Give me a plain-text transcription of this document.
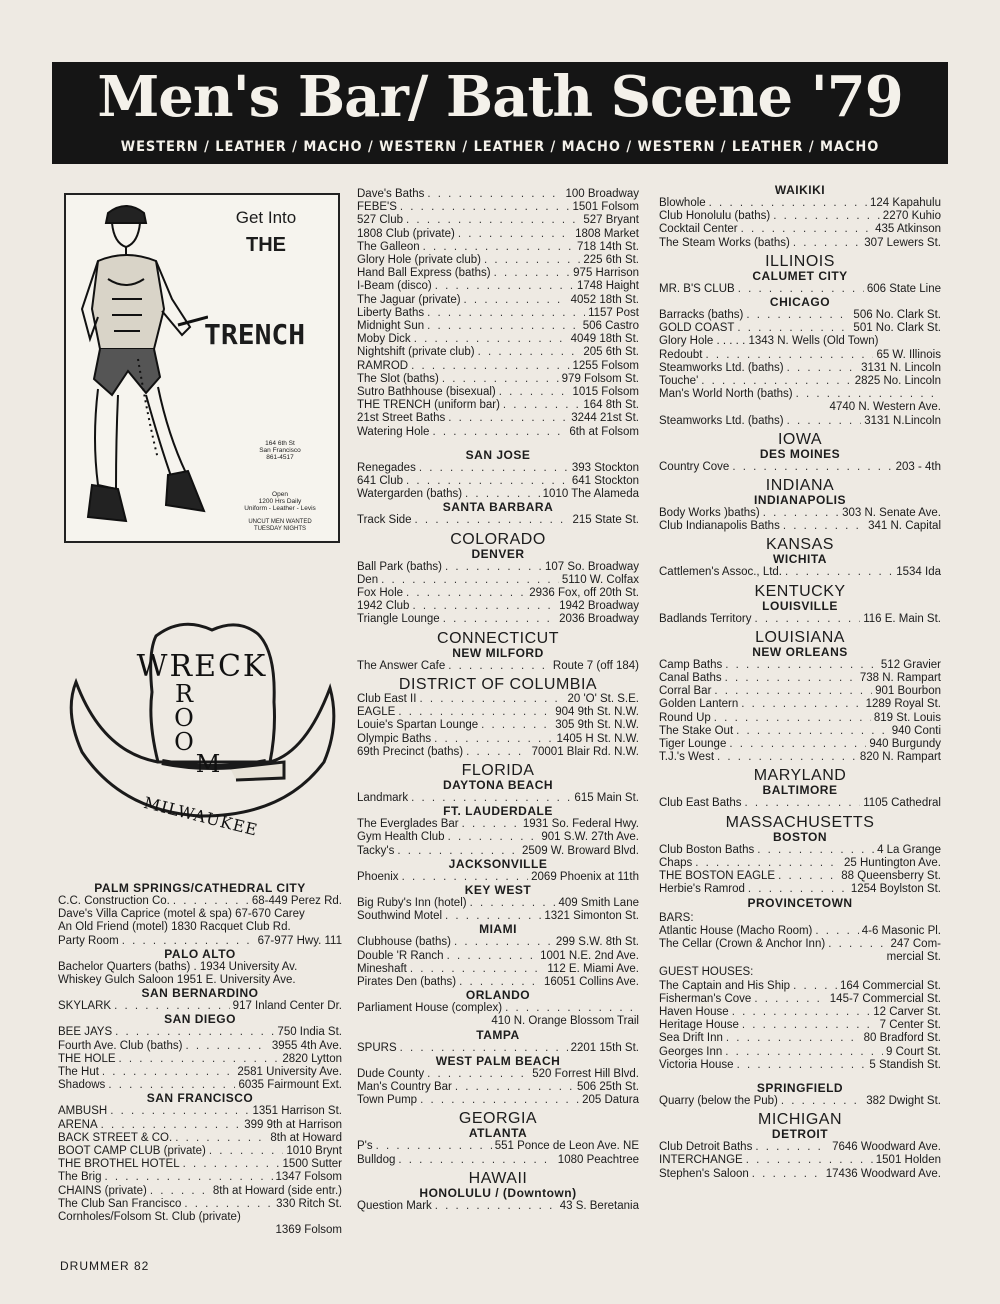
Men's Bar/ Bath Scene '79
WESTERN / LEATHER / MACHO / WESTERN / LEATHER / MACHO / WESTERN / LEATHER / MACHO
Get Into
THE
TRENCH
164 6th St
San Francisco
861-4517
Open
1200 Hrs Daily
Uniform - Leather - Levis
UNCUT MEN WANTED
TUESDAY NIGHTS
WRECK
R
O
O
M
MILWAUKEE
PALM SPRINGS/CATHEDRAL CITY
C.C. Construction Co. . . .	68-449 Perez Rd.
Dave's Villa Caprice (motel & spa) 67-670 Carey
An Old Friend (motel) 1830 Racquet Club Rd.
Party Room . . .	67-977 Hwy. 111
PALO ALTO
Bachelor Quarters (baths) . 1934 University Av.
Whiskey Gulch Saloon 1951 E. University Ave.
SAN BERNARDINO
SKYLARK . . .	917 Inland Center Dr.
SAN DIEGO
BEE JAYS . . .	750 India St.
Fourth Ave. Club (baths) . . .	3955 4th Ave.
THE HOLE . . .	2820 Lytton
The Hut . . .	2581 University Ave.
Shadows . . .	6035 Fairmount Ext.
SAN FRANCISCO
AMBUSH . . .	1351 Harrison St.
ARENA . . .	399 9th at Harrison
BACK STREET & CO. . . .	8th at Howard
BOOT CAMP CLUB (private) . . .	1010 Brynt
THE BROTHEL HOTEL . . .	1500 Sutter
The Brig . . .	1347 Folsom
CHAINS (private) . . .	8th at Howard (side entr.)
The Club San Francisco . . .	330 Ritch St.
Cornholes/Folsom St. Club (private)
1369 Folsom
Dave's Baths . . .	100 Broadway
FEBE'S . . .	1501 Folsom
527 Club . . .	527 Bryant
1808 Club (private) . . .	1808 Market
The Galleon . . .	718 14th St.
Glory Hole (private club) . . .	225 6th St.
Hand Ball Express (baths) . . .	975 Harrison
I-Beam (disco) . . .	1748 Haight
The Jaguar (private) . . .	4052 18th St.
Liberty Baths . . .	1157 Post
Midnight Sun . . .	506 Castro
Moby Dick . . .	4049 18th St.
Nightshift (private club) . . .	205 6th St.
RAMROD . . .	1255 Folsom
The Slot (baths) . . .	979 Folsom St.
Sutro Bathhouse (bisexual) . . .	1015 Folsom
THE TRENCH (uniform bar) . . .	164 8th St.
21st Street Baths . . .	3244 21st St.
Watering Hole . . .	6th at Folsom
SAN JOSE
Renegades . . .	393 Stockton
641 Club . . .	641 Stockton
Watergarden (baths) . . .	1010 The Alameda
SANTA BARBARA
Track Side . . .	215 State St.
COLORADO
DENVER
Ball Park (baths) . . .	107 So. Broadway
Den . . .	5110 W. Colfax
Fox Hole . . .	2936 Fox, off 20th St.
1942 Club . . .	1942 Broadway
Triangle Lounge . . .	2036 Broadway
CONNECTICUT
NEW MILFORD
The Answer Cafe . . .	Route 7 (off 184)
DISTRICT OF COLUMBIA
Club East II . . .	20 'O' St. S.E.
EAGLE . . .	904 9th St. N.W.
Louie's Spartan Lounge . . .	305 9th St. N.W.
Olympic Baths . . .	1405 H St. N.W.
69th Precinct (baths) . . .	70001 Blair Rd. N.W.
FLORIDA
DAYTONA BEACH
Landmark . . .	615 Main St.
FT. LAUDERDALE
The Everglades Bar . . .	1931 So. Federal Hwy.
Gym Health Club . . .	901 S.W. 27th Ave.
Tacky's . . .	2509 W. Broward Blvd.
JACKSONVILLE
Phoenix . . .	2069 Phoenix at 11th
KEY WEST
Big Ruby's Inn (hotel) . . .	409 Smith Lane
Southwind Motel . . .	1321 Simonton St.
MIAMI
Clubhouse (baths) . . .	299 S.W. 8th St.
Double 'R Ranch . . .	1001 N.E. 2nd Ave.
Mineshaft . . .	112 E. Miami Ave.
Pirates Den (baths) . . .	16051 Collins Ave.
ORLANDO
Parliament House (complex)
. . .
410 N. Orange Blossom Trail
TAMPA
SPURS . . .	2201 15th St.
WEST PALM BEACH
Dude County . . .	520 Forrest Hill Blvd.
Man's Country Bar . . .	506 25th St.
Town Pump . . .	205 Datura
GEORGIA
ATLANTA
P's . . .	551 Ponce de Leon Ave. NE
Bulldog . . .	1080 Peachtree
HAWAII
HONOLULU / (Downtown)
Question Mark . . .	43 S. Beretania
WAIKIKI
Blowhole . . .	124 Kapahulu
Club Honolulu (baths) . . .	2270 Kuhio
Cocktail Center . . .	435 Atkinson
The Steam Works (baths) . . .	307 Lewers St.
ILLINOIS
CALUMET CITY
MR. B'S CLUB . . .	606 State Line
CHICAGO
Barracks (baths) . . .	506 No. Clark St.
GOLD COAST . . .	501 No. Clark St.
Glory Hole . . . . . 1343 N. Wells (Old Town)
Redoubt . . .	65 W. Illinois
Steamworks Ltd. (baths) . . .	3131 N. Lincoln
Touche' . . .	2825 No. Lincoln
Man's World North (baths)
. . .
4740 N. Western Ave.
Steamworks Ltd. (baths) . . .	3131 N.Lincoln
IOWA
DES MOINES
Country Cove . . .	203 - 4th
INDIANA
INDIANAPOLIS
Body Works )baths) . . .	303 N. Senate Ave.
Club Indianapolis Baths . . .	341 N. Capital
KANSAS
WICHITA
Cattlemen's Assoc., Ltd. . . .	1534 Ida
KENTUCKY
LOUISVILLE
Badlands Territory . . .	116 E. Main St.
LOUISIANA
NEW ORLEANS
Camp Baths . . .	512 Gravier
Canal Baths . . .	738 N. Rampart
Corral Bar . . .	901 Bourbon
Golden Lantern . . .	1289 Royal St.
Round Up . . .	819 St. Louis
The Stake Out . . .	940 Conti
Tiger Lounge . . .	940 Burgundy
T.J.'s West . . .	820 N. Rampart
MARYLAND
BALTIMORE
Club East Baths . . .	1105 Cathedral
MASSACHUSETTS
BOSTON
Club Boston Baths . . .	4 La Grange
Chaps . . .	25 Huntington Ave.
THE BOSTON EAGLE . . .	88 Queensberry St.
Herbie's Ramrod . . .	1254 Boylston St.
PROVINCETOWN
BARS:
Atlantic House (Macho Room) . . .	4-6 Masonic Pl.
The Cellar (Crown & Anchor Inn) . . .	247 Com-
mercial St.
GUEST HOUSES:
The Captain and His Ship . . .	164 Commercial St.
Fisherman's Cove . . .	145-7 Commercial St.
Haven House . . .	12 Carver St.
Heritage House . . .	7 Center St.
Sea Drift Inn . . .	80 Bradford St.
Georges Inn . . .	9 Court St.
Victoria House . . .	5 Standish St.
SPRINGFIELD
Quarry (below the Pub) . . .	382 Dwight St.
MICHIGAN
DETROIT
Club Detroit Baths . . .	7646 Woodward Ave.
INTERCHANGE . . .	1501 Holden
Stephen's Saloon . . .	17436 Woodward Ave.
DRUMMER 82
